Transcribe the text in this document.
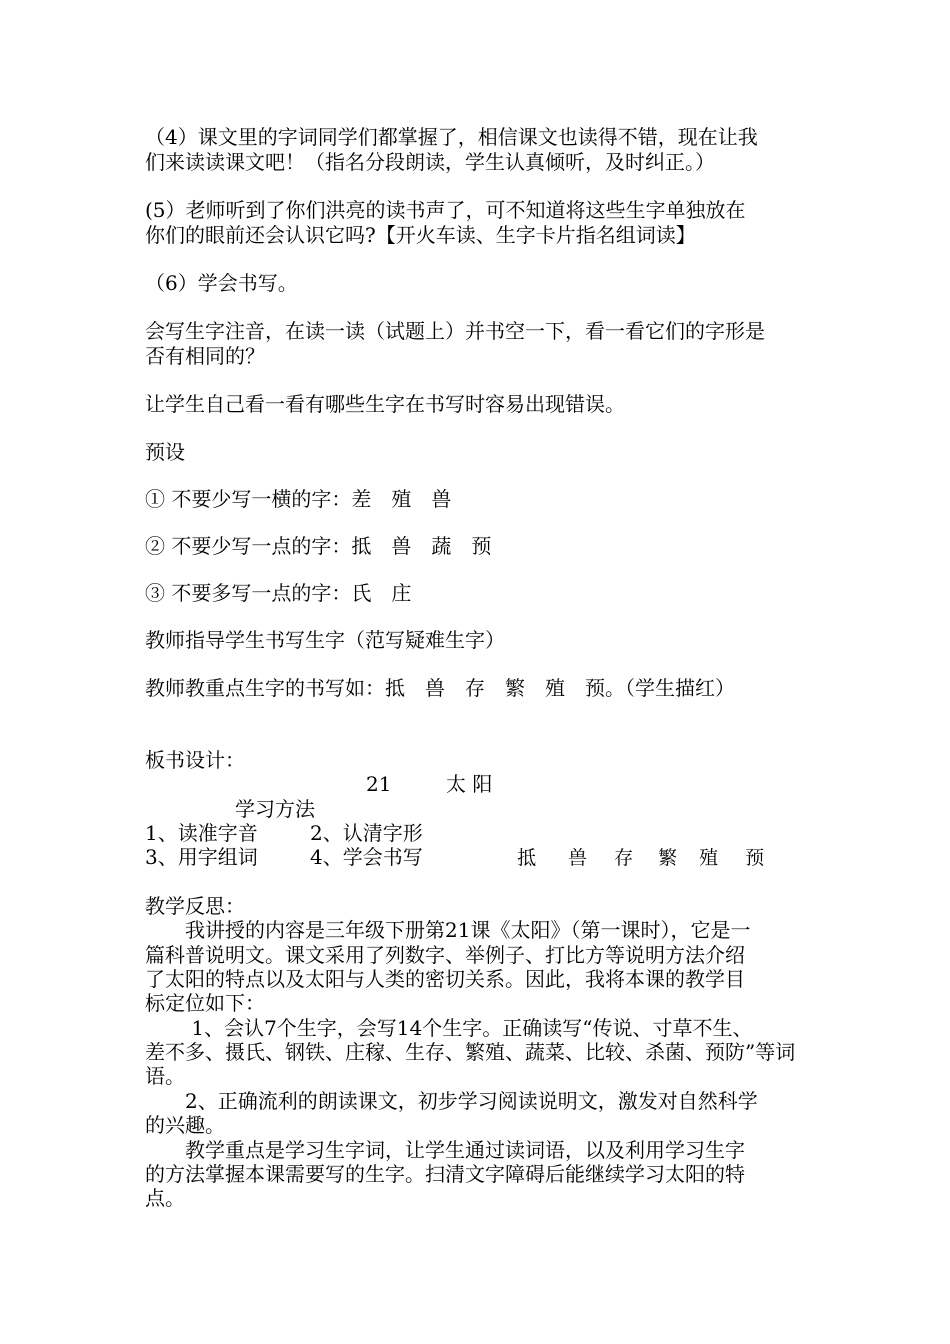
（4）课文里的字词同学们都掌握了，相信课文也读得不错，现在让我
们来读读课文吧！（指名分段朗读，学生认真倾听，及时纠正。）
(5）老师听到了你们洪亮的读书声了，可不知道将这些生字单独放在
你们的眼前还会认识它吗?【开火车读、生字卡片指名组词读】
（6）学会书写。
会写生字注音，在读一读（试题上）并书空一下，看一看它们的字形是
否有相同的？
让学生自己看一看有哪些生字在书写时容易出现错误。
预设
① 不要少写一横的字：差　殖　兽
② 不要少写一点的字：抵　兽　蔬　预
③ 不要多写一点的字：氏　庄
教师指导学生书写生字（范写疑难生字）
教师教重点生字的书写如：抵　兽　存　繁　殖　预。（学生描红）
板书设计：
21	太 阳
学习方法
1、读准字音	2、认清字形

抵 兽 存 繁 殖 预

3、用字组词	4、学会书写
教学反思：
　　我讲授的内容是三年级下册第21课《太阳》（第一课时），它是一
篇科普说明文。课文采用了列数字、举例子、打比方等说明方法介绍
了太阳的特点以及太阳与人类的密切关系。因此，我将本课的教学目
标定位如下：
　　 1、会认7个生字，会写14个生字。正确读写“传说、寸草不生、
差不多、摄氏、钢铁、庄稼、生存、繁殖、蔬菜、比较、杀菌、预防”等词
语。
　　2、正确流利的朗读课文，初步学习阅读说明文，激发对自然科学
的兴趣。
　　教学重点是学习生字词，让学生通过读词语，以及利用学习生字
的方法掌握本课需要写的生字。扫清文字障碍后能继续学习太阳的特
点。
